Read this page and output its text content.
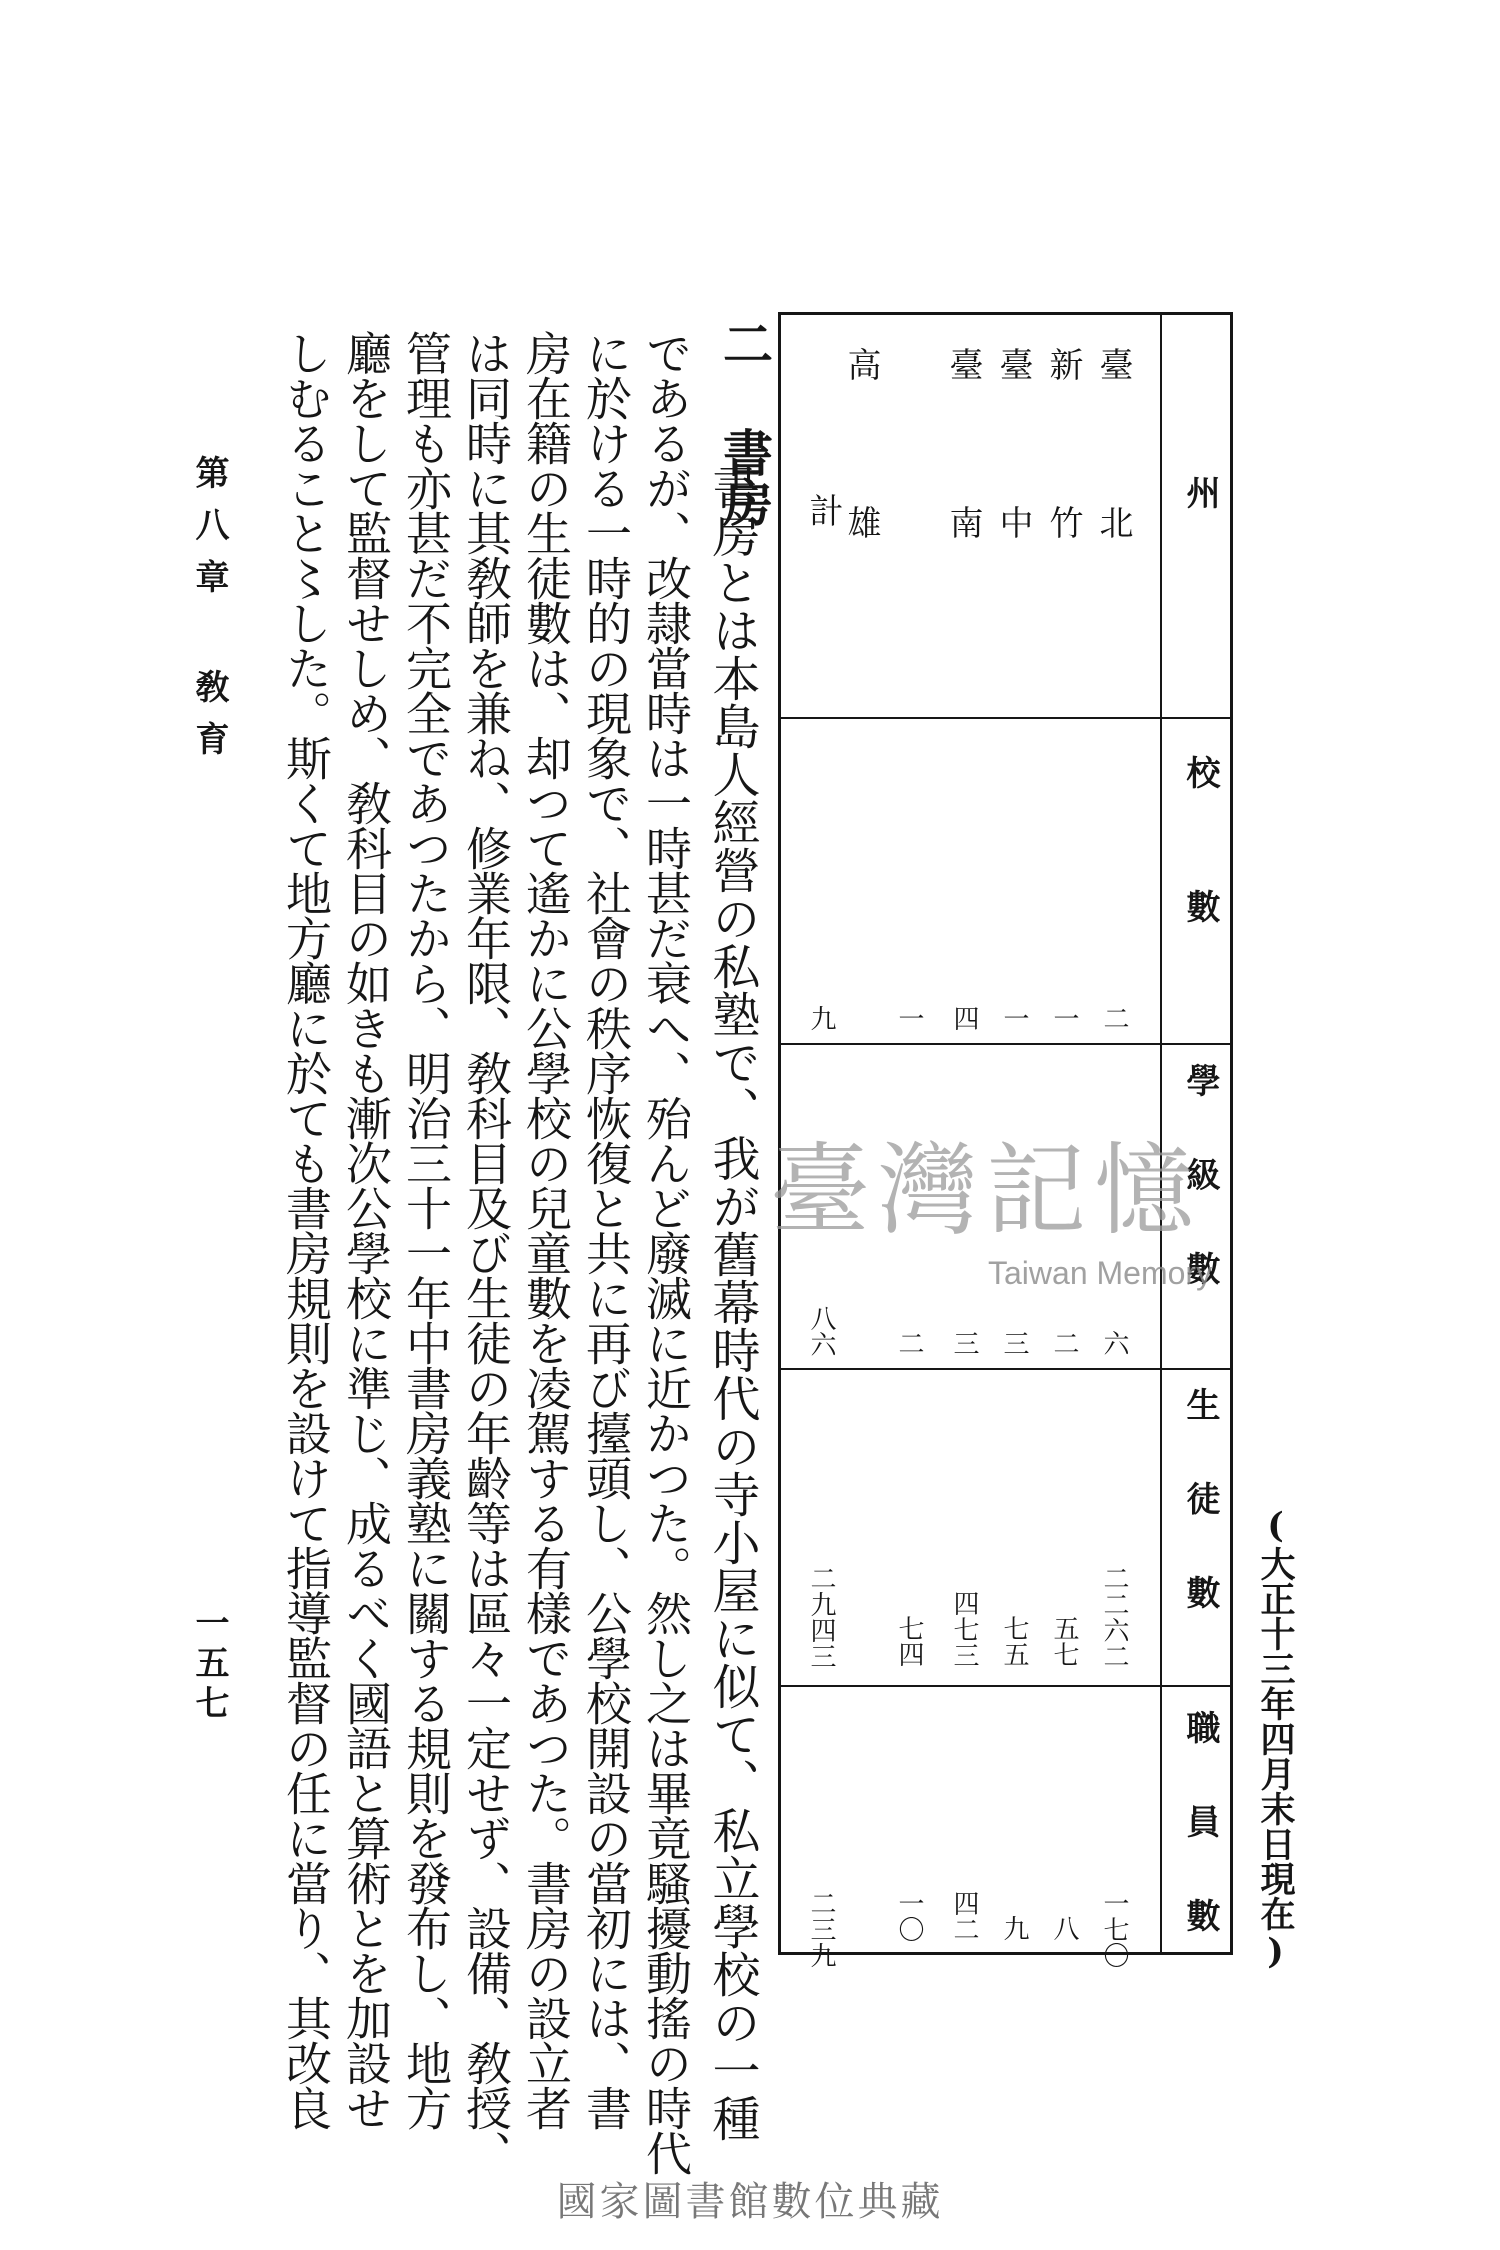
(大正十三年四月末日現在)
州
校數
學級數
生徒數
職員數
臺北
新竹
臺中
臺南
高雄
計
二
一
一
四
一
九
六
二
三
三
二
八六
二二六二
五七
七五
四七三
七四
二九四三
一七〇
八
九
四二
一〇
二三九
二 書房
書房とは本島人經營の私塾で、我が舊幕時代の寺小屋に似て、私立學校の一種
であるが、改隷當時は一時甚だ衰へ、殆んど廢滅に近かつた。然し之は畢竟騷擾動搖の時代
に於ける一時的の現象で、社會の秩序恢復と共に再び擡頭し、公學校開設の當初には、書
房在籍の生徒數は、却つて遙かに公學校の兒童數を凌駕する有樣であつた。書房の設立者
は同時に其敎師を兼ね、修業年限、敎科目及び生徒の年齡等は區々一定せず、設備、敎授、
管理も亦甚だ不完全であつたから、明治三十一年中書房義塾に關する規則を發布し、地方
廳をして監督せしめ、敎科目の如きも漸次公學校に準じ、成るべく國語と算術とを加設せ
しむること〻した。斯くて地方廳に於ても書房規則を設けて指導監督の任に當り、其改良
第八章 敎育
一五七
臺灣記憶
Taiwan Memory
國家圖書館數位典藏
